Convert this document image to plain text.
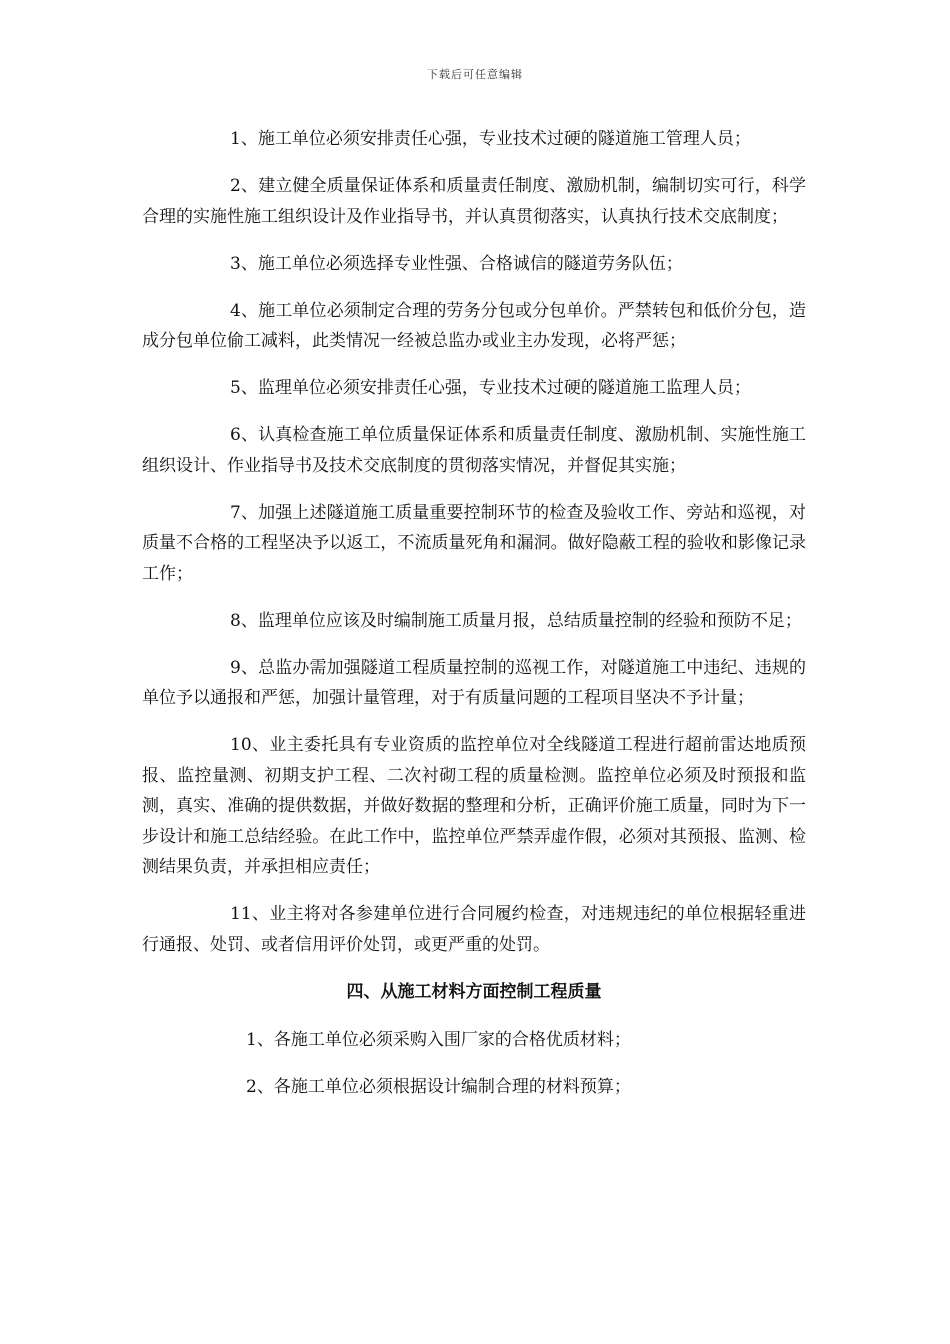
下载后可任意编辑

1、施工单位必须安排责任心强，专业技术过硬的隧道施工管理人员；

2、建立健全质量保证体系和质量责任制度、激励机制，编制切实可行，科学合理的实施性施工组织设计及作业指导书，并认真贯彻落实，认真执行技术交底制度；

3、施工单位必须选择专业性强、合格诚信的隧道劳务队伍；

4、施工单位必须制定合理的劳务分包或分包单价。严禁转包和低价分包，造成分包单位偷工减料，此类情况一经被总监办或业主办发现，必将严惩；

5、监理单位必须安排责任心强，专业技术过硬的隧道施工监理人员；

6、认真检查施工单位质量保证体系和质量责任制度、激励机制、实施性施工组织设计、作业指导书及技术交底制度的贯彻落实情况，并督促其实施；

7、加强上述隧道施工质量重要控制环节的检查及验收工作、旁站和巡视，对质量不合格的工程坚决予以返工，不流质量死角和漏洞。做好隐蔽工程的验收和影像记录工作；

8、监理单位应该及时编制施工质量月报，总结质量控制的经验和预防不足；

9、总监办需加强隧道工程质量控制的巡视工作，对隧道施工中违纪、违规的单位予以通报和严惩，加强计量管理，对于有质量问题的工程项目坚决不予计量；

10、业主委托具有专业资质的监控单位对全线隧道工程进行超前雷达地质预报、监控量测、初期支护工程、二次衬砌工程的质量检测。监控单位必须及时预报和监测，真实、准确的提供数据，并做好数据的整理和分析，正确评价施工质量，同时为下一步设计和施工总结经验。在此工作中，监控单位严禁弄虚作假，必须对其预报、监测、检测结果负责，并承担相应责任；

11、业主将对各参建单位进行合同履约检查，对违规违纪的单位根据轻重进行通报、处罚、或者信用评价处罚，或更严重的处罚。

四、从施工材料方面控制工程质量

1、各施工单位必须采购入围厂家的合格优质材料；

2、各施工单位必须根据设计编制合理的材料预算；
